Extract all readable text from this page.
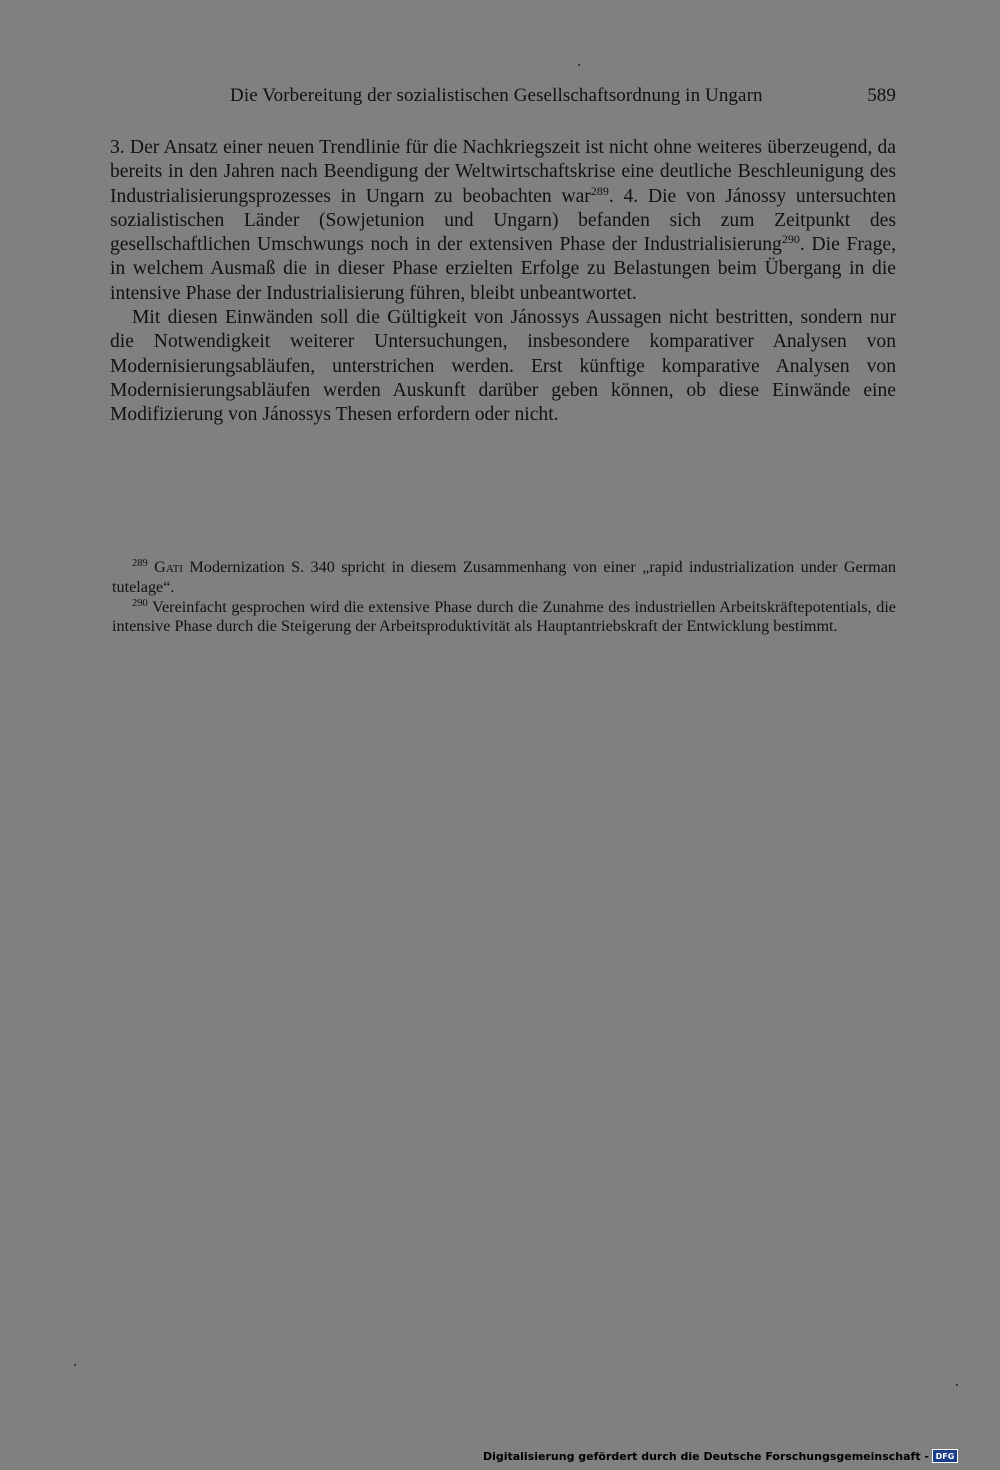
Die Vorbereitung der sozialistischen Gesellschaftsordnung in Ungarn	589

3. Der Ansatz einer neuen Trendlinie für die Nachkriegszeit ist nicht ohne weiteres überzeugend, da bereits in den Jahren nach Beendigung der Weltwirtschaftskrise eine deutliche Beschleunigung des Industrialisierungsprozesses in Ungarn zu beobachten war$^{289}$. 4. Die von Jánossy untersuchten sozialistischen Länder (Sowjetunion und Ungarn) befanden sich zum Zeitpunkt des gesellschaftlichen Umschwungs noch in der extensiven Phase der Industrialisierung$^{290}$. Die Frage, in welchem Ausmaß die in dieser Phase erzielten Erfolge zu Belastungen beim Übergang in die intensive Phase der Industrialisierung führen, bleibt unbeantwortet.

Mit diesen Einwänden soll die Gültigkeit von Jánossys Aussagen nicht bestritten, sondern nur die Notwendigkeit weiterer Untersuchungen, insbesondere komparativer Analysen von Modernisierungsabläufen, unterstrichen werden. Erst künftige komparative Analysen von Modernisierungsabläufen werden Auskunft darüber geben können, ob diese Einwände eine Modifizierung von Jánossys Thesen erfordern oder nicht.

$^{289}$ Gati Modernization S. 340 spricht in diesem Zusammenhang von einer „rapid industrialization under German tutelage“.

$^{290}$ Vereinfacht gesprochen wird die extensive Phase durch die Zunahme des industriellen Arbeitskräftepotentials, die intensive Phase durch die Steigerung der Arbeitsproduktivität als Hauptantriebskraft der Entwicklung bestimmt.

Digitalisierung gefördert durch die Deutsche Forschungsgemeinschaft - DFG
